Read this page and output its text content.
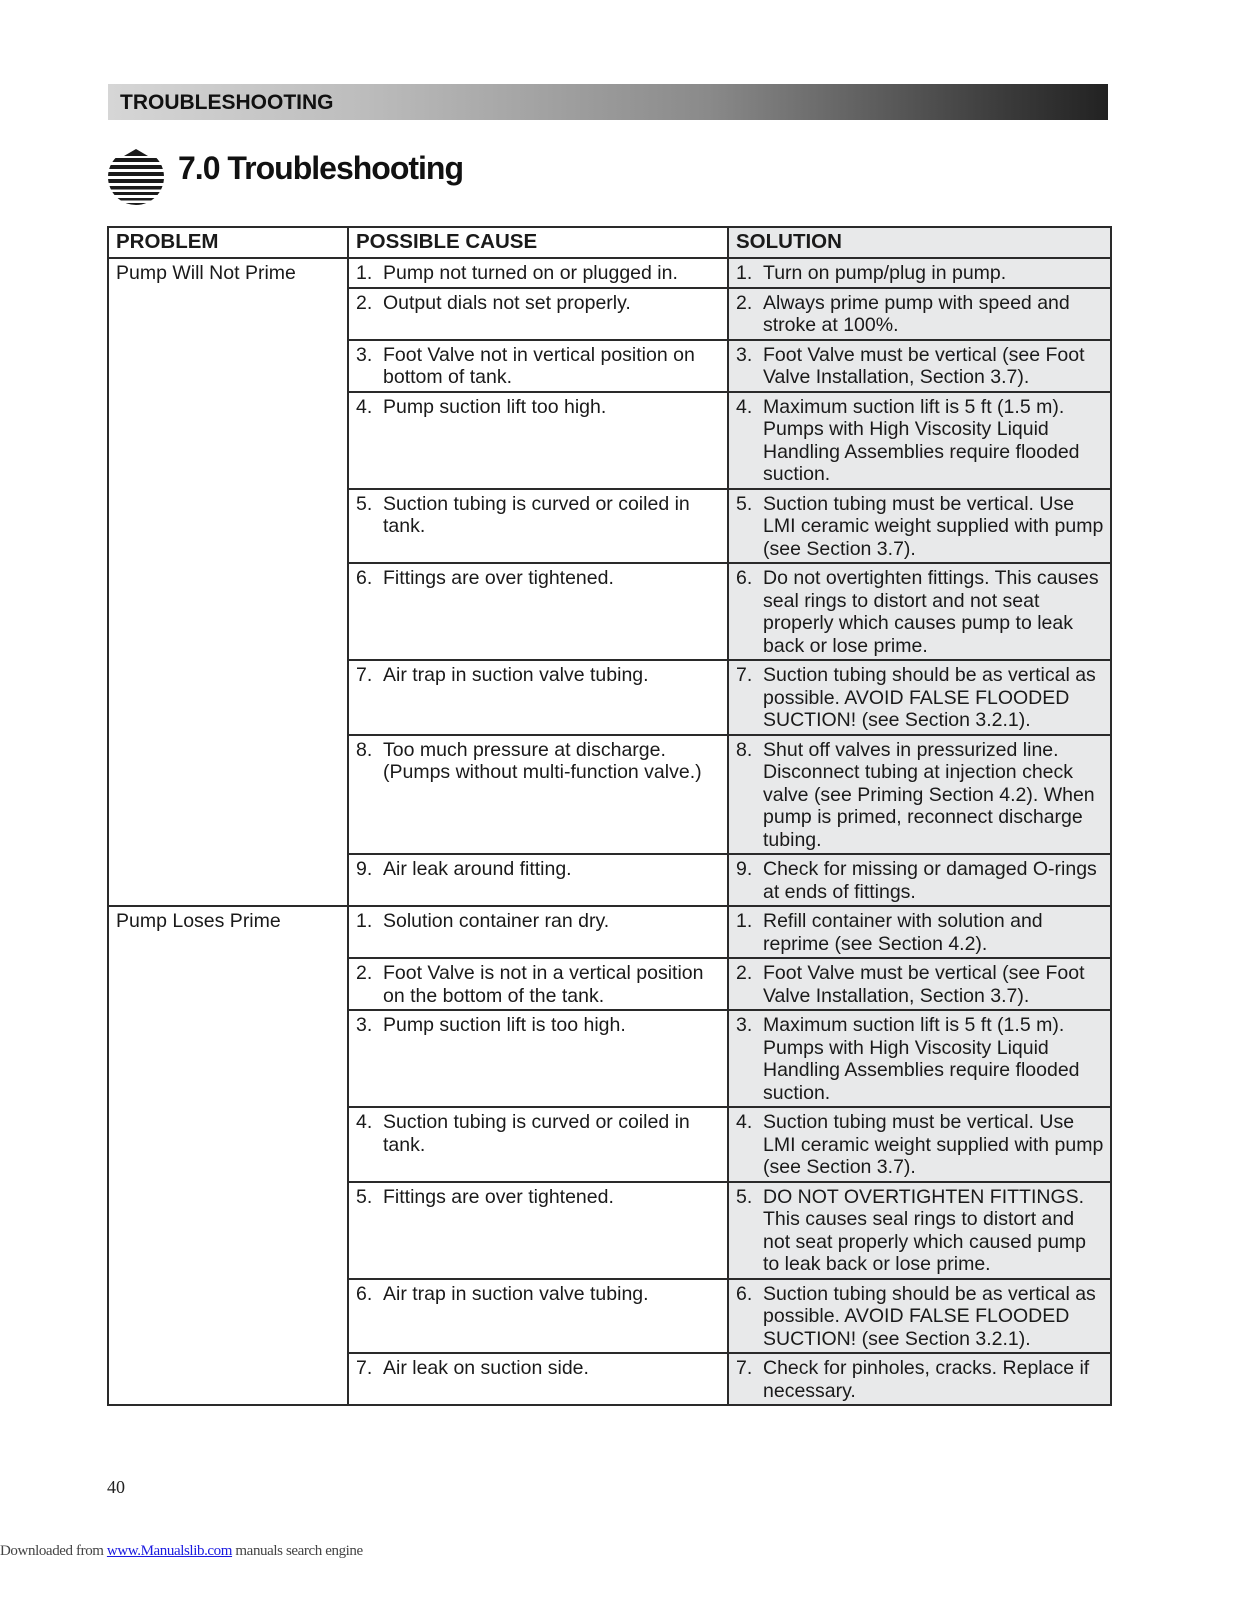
TROUBLESHOOTING
7.0 Troubleshooting
PROBLEM	POSSIBLE CAUSE	SOLUTION
Pump Will Not Prime	1. Pump not turned on or plugged in.	1. Turn on pump/plug in pump.

	2. Output dials not set properly.	2. Always prime pump with speed and stroke at 100%.

	3. Foot Valve not in vertical position on bottom of tank.	3. Foot Valve must be vertical (see Foot Valve Installation, Section 3.7).

	4. Pump suction lift too high.	4. Maximum suction lift is 5 ft (1.5 m). Pumps with High Viscosity Liquid Handling Assemblies require flooded suction.

	5. Suction tubing is curved or coiled in tank.	5. Suction tubing must be vertical. Use LMI ceramic weight supplied with pump (see Section 3.7).

	6. Fittings are over tightened.	6. Do not overtighten fittings. This causes seal rings to distort and not seat properly which causes pump to leak back or lose prime.

	7. Air trap in suction valve tubing.	7. Suction tubing should be as vertical as possible. AVOID FALSE FLOODED SUCTION! (see Section 3.2.1).

	8. Too much pressure at discharge. (Pumps without multi-function valve.)	8. Shut off valves in pressurized line. Disconnect tubing at injection check valve (see Priming Section 4.2). When pump is primed, reconnect discharge tubing.

	9. Air leak around fitting.	9. Check for missing or damaged O-rings at ends of fittings.

Pump Loses Prime	1. Solution container ran dry.	1. Refill container with solution and reprime (see Section 4.2).

	2. Foot Valve is not in a vertical position on the bottom of the tank.	2. Foot Valve must be vertical (see Foot Valve Installation, Section 3.7).

	3. Pump suction lift is too high.	3. Maximum suction lift is 5 ft (1.5 m). Pumps with High Viscosity Liquid Handling Assemblies require flooded suction.

	4. Suction tubing is curved or coiled in tank.	4. Suction tubing must be vertical. Use LMI ceramic weight supplied with pump (see Section 3.7).

	5. Fittings are over tightened.	5. DO NOT OVERTIGHTEN FITTINGS. This causes seal rings to distort and not seat properly which caused pump to leak back or lose prime.

	6. Air trap in suction valve tubing.	6. Suction tubing should be as vertical as possible. AVOID FALSE FLOODED SUCTION! (see Section 3.2.1).

	7. Air leak on suction side.	7. Check for pinholes, cracks. Replace if necessary.
40
Downloaded from www.Manualslib.com manuals search engine
